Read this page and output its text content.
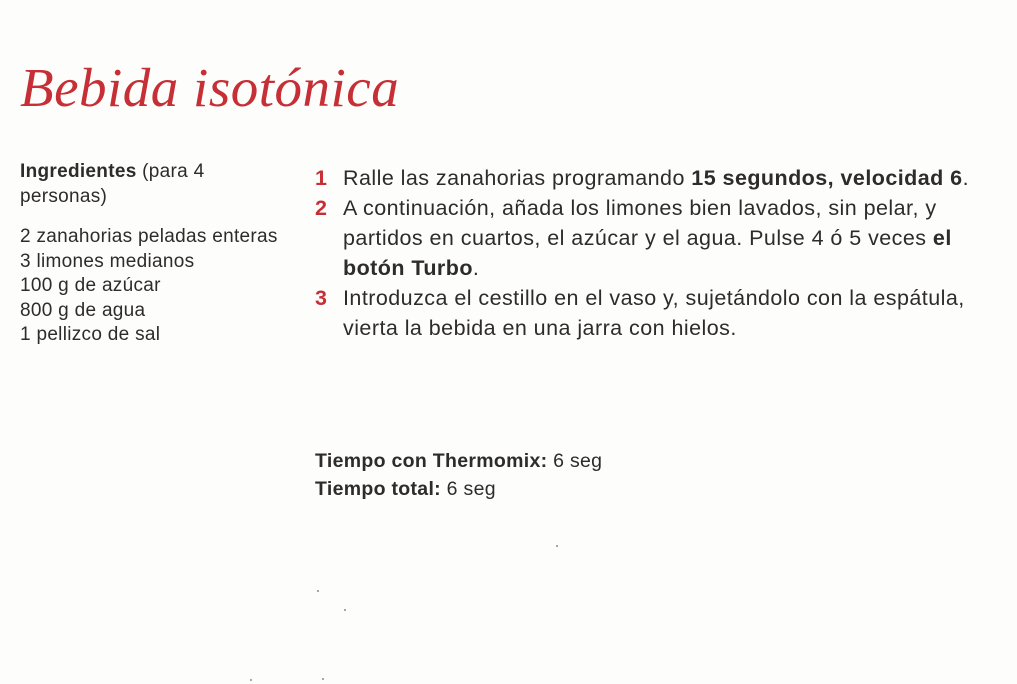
Bebida isotónica
Ingredientes (para 4 personas)
2 zanahorias peladas enteras
3 limones medianos
100 g de azúcar
800 g de agua
1 pellizco de sal
1 Ralle las zanahorias programando 15 segundos, velocidad 6.
2 A continuación, añada los limones bien lavados, sin pelar, y partidos en cuartos, el azúcar y el agua. Pulse 4 ó 5 veces el botón Turbo.
3 Introduzca el cestillo en el vaso y, sujetándolo con la espátula, vierta la bebida en una jarra con hielos.
Tiempo con Thermomix: 6 seg
Tiempo total: 6 seg
